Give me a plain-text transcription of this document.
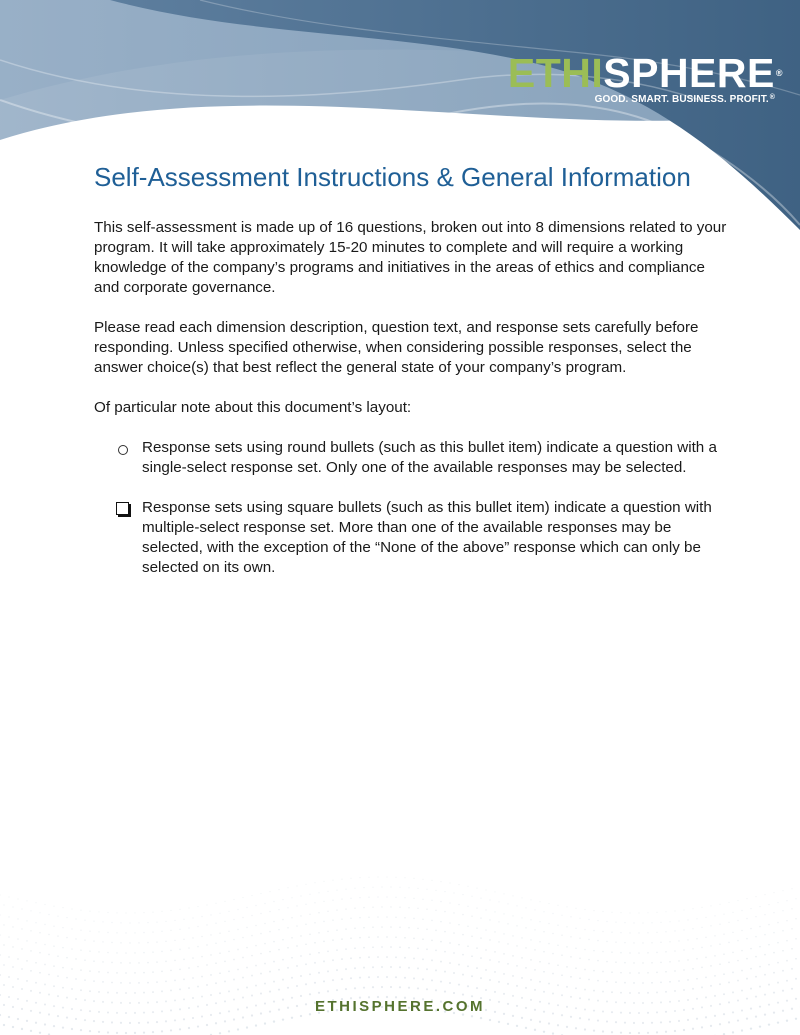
ETHISPHERE®
GOOD. SMART. BUSINESS. PROFIT.®
Self-Assessment Instructions & General Information

This self-assessment is made up of 16 questions, broken out into 8 dimensions related to your program. It will take approximately 15-20 minutes to complete and will require a working knowledge of the company’s programs and initiatives in the areas of ethics and compliance and corporate governance.

Please read each dimension description, question text, and response sets carefully before responding. Unless specified otherwise, when considering possible responses, select the answer choice(s) that best reflect the general state of your company’s program.

Of particular note about this document’s layout:

Response sets using round bullets (such as this bullet item) indicate a question with a single-select response set. Only one of the available responses may be selected.
Response sets using square bullets (such as this bullet item) indicate a question with multiple-select response set. More than one of the available responses may be selected, with the exception of the “None of the above” response which can only be selected on its own.
ETHISPHERE.COM
